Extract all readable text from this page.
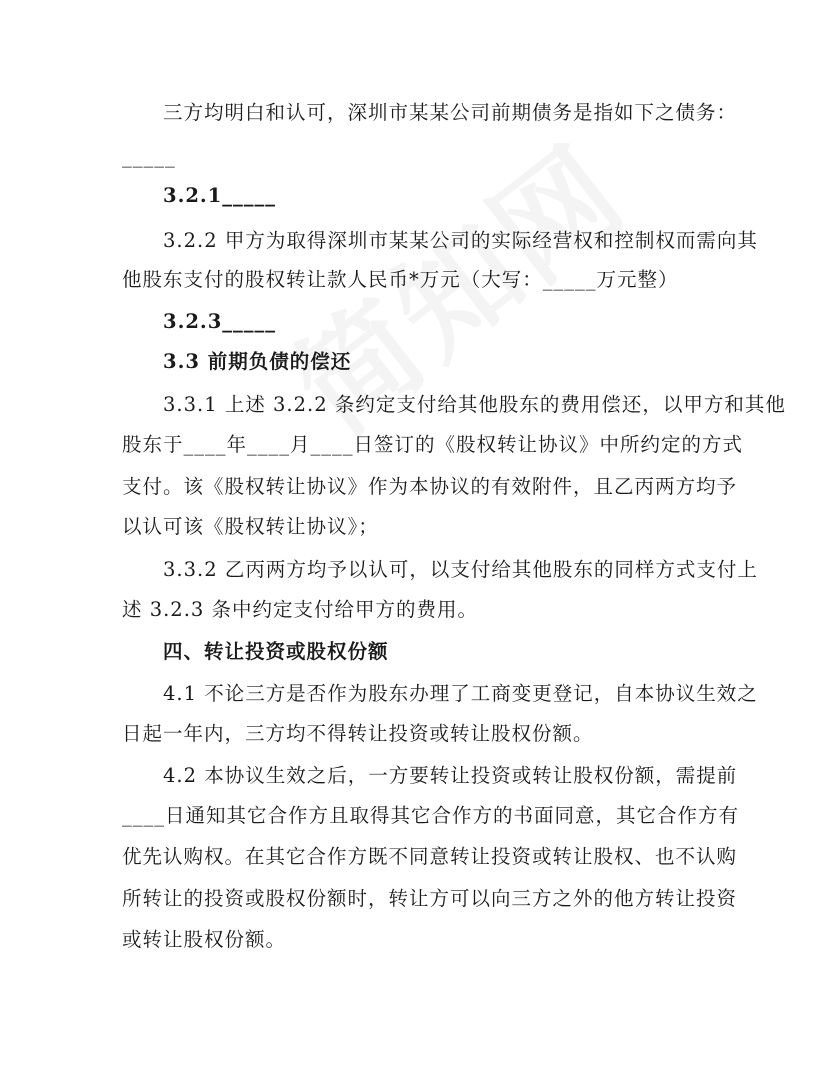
三方均明白和认可，深圳市某某公司前期债务是指如下之债务：
_____
3.2.1_____
3.2.2 甲方为取得深圳市某某公司的实际经营权和控制权而需向其
他股东支付的股权转让款人民币*万元（大写：_____万元整）
3.2.3_____
3.3 前期负债的偿还
3.3.1 上述 3.2.2 条约定支付给其他股东的费用偿还，以甲方和其他
股东于____年____月____日签订的《股权转让协议》中所约定的方式
支付。该《股权转让协议》作为本协议的有效附件，且乙丙两方均予
以认可该《股权转让协议》；
3.3.2 乙丙两方均予以认可，以支付给其他股东的同样方式支付上
述 3.2.3 条中约定支付给甲方的费用。
四、转让投资或股权份额
4.1 不论三方是否作为股东办理了工商变更登记，自本协议生效之
日起一年内，三方均不得转让投资或转让股权份额。
4.2 本协议生效之后，一方要转让投资或转让股权份额，需提前
____日通知其它合作方且取得其它合作方的书面同意，其它合作方有
优先认购权。在其它合作方既不同意转让投资或转让股权、也不认购
所转让的投资或股权份额时，转让方可以向三方之外的他方转让投资
或转让股权份额。
